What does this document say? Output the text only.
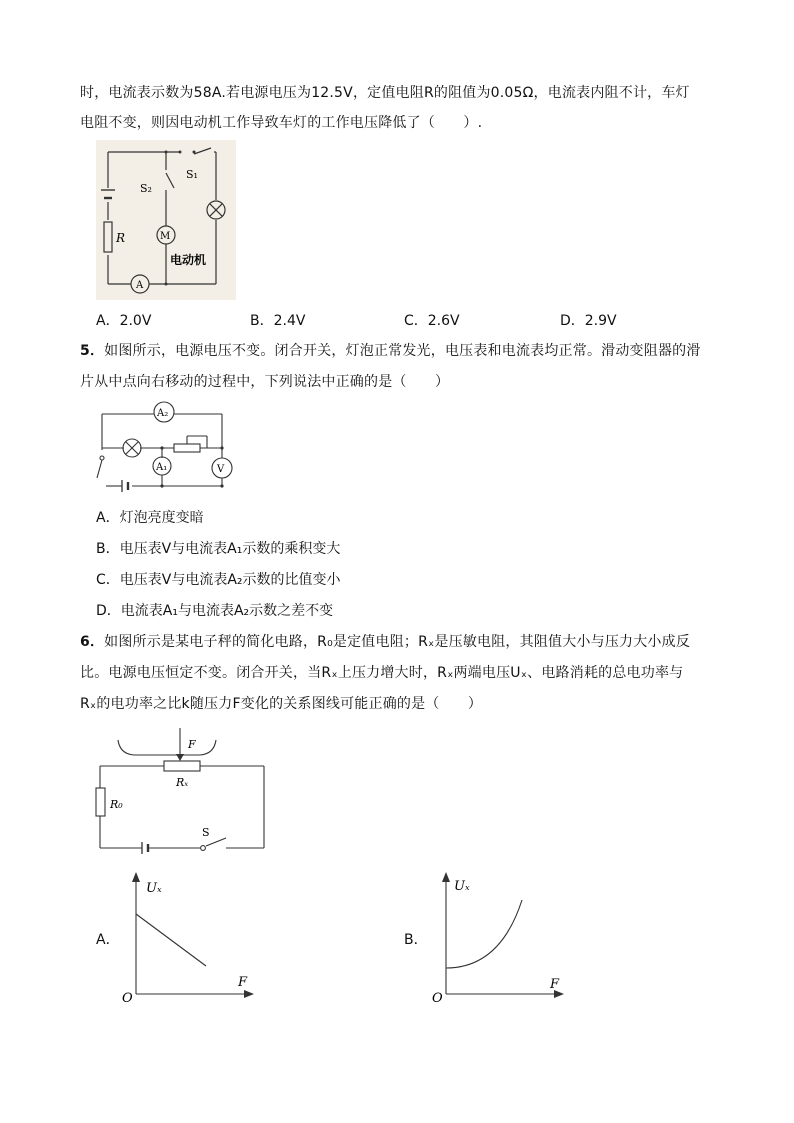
时，电流表示数为58A.若电源电压为12.5V，定值电阻R的阻值为0.05Ω，电流表内阻不计，车灯
电阻不变，则因电动机工作导致车灯的工作电压降低了（　　）.
S₂
S₁
R	M
A
电动机
A．2.0V	B．2.4V	C．2.6V	D．2.9V
5．如图所示，电源电压不变。闭合开关，灯泡正常发光，电压表和电流表均正常。滑动变阻器的滑
片从中点向右移动的过程中，下列说法中正确的是（　　）
A₂
A₁	V
A．灯泡亮度变暗
B．电压表V与电流表A₁示数的乘积变大
C．电压表V与电流表A₂示数的比值变小
D．电流表A₁与电流表A₂示数之差不变
6．如图所示是某电子秤的简化电路，R₀是定值电阻；Rₓ是压敏电阻，其阻值大小与压力大小成反
比。电源电压恒定不变。闭合开关，当Rₓ上压力增大时，Rₓ两端电压Uₓ、电路消耗的总电功率与
Rₓ的电功率之比k随压力F变化的关系图线可能正确的是（　　）
F
Rₓ
R₀
S
A．
Uₓ
F
O
B．
Uₓ
F
O
